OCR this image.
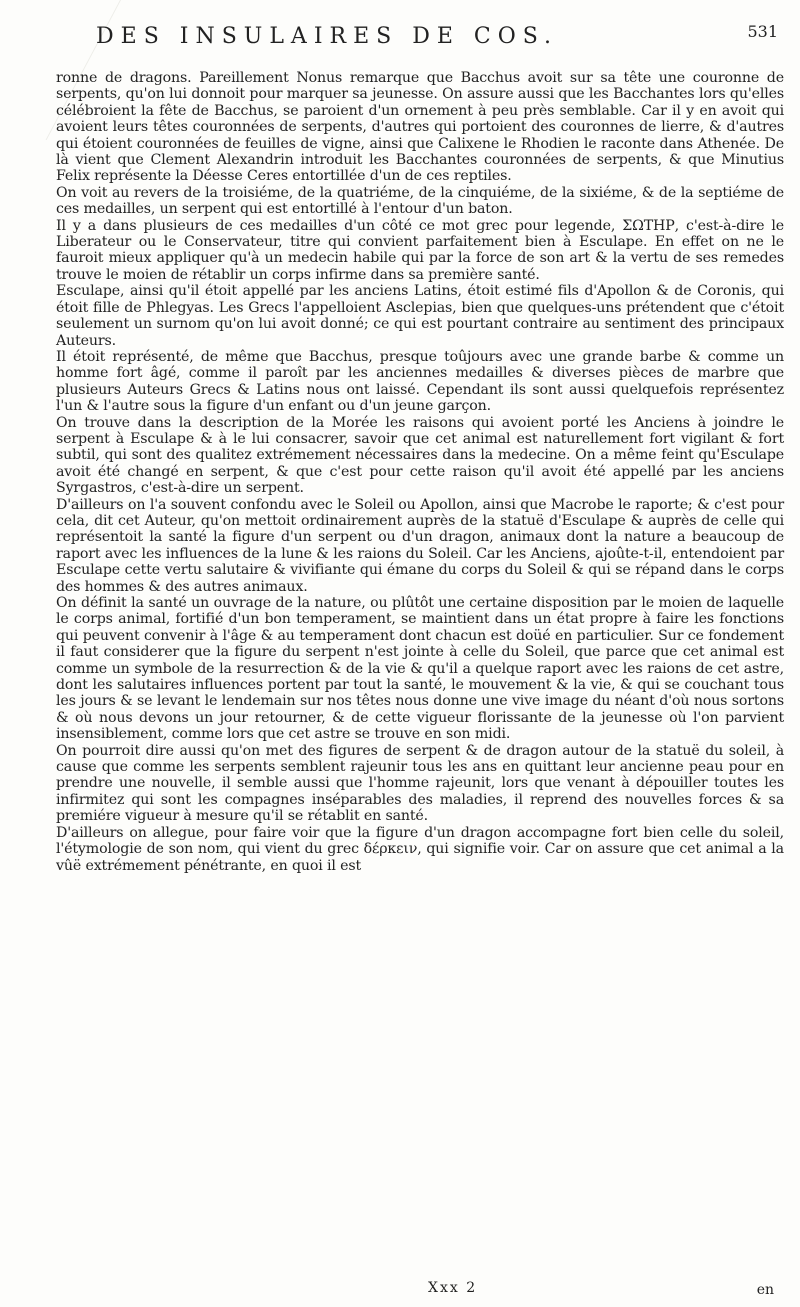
DES INSULAIRES DE COS.	531

ronne de dragons. Pareillement Nonus remarque que Bacchus avoit sur sa tête une couronne de serpents, qu'on lui donnoit pour marquer sa jeunesse. On assure aussi que les Bacchantes lors qu'elles célébroient la fête de Bacchus, se paroient d'un ornement à peu près semblable. Car il y en avoit qui avoient leurs têtes couronnées de serpents, d'autres qui portoient des couronnes de lierre, & d'autres qui étoient couronnées de feuilles de vigne, ainsi que Calixene le Rhodien le raconte dans Athenée. De là vient que Clement Alexandrin introduit les Bacchantes couronnées de serpents, & que Minutius Felix représente la Déesse Ceres entortillée d'un de ces reptiles.

On voit au revers de la troisiéme, de la quatriéme, de la cinquiéme, de la sixiéme, & de la septiéme de ces medailles, un serpent qui est entortillé à l'entour d'un baton.

Il y a dans plusieurs de ces medailles d'un côté ce mot grec pour legende, ΣΩΤΗΡ, c'est-à-dire le Liberateur ou le Conservateur, titre qui convient parfaitement bien à Esculape. En effet on ne le fauroit mieux appliquer qu'à un medecin habile qui par la force de son art & la vertu de ses remedes trouve le moien de rétablir un corps infirme dans sa première santé.

Esculape, ainsi qu'il étoit appellé par les anciens Latins, étoit estimé fils d'Apollon & de Coronis, qui étoit fille de Phlegyas. Les Grecs l'appelloient Asclepias, bien que quelques-uns prétendent que c'étoit seulement un surnom qu'on lui avoit donné; ce qui est pourtant contraire au sentiment des principaux Auteurs.

Il étoit représenté, de même que Bacchus, presque toûjours avec une grande barbe & comme un homme fort âgé, comme il paroît par les anciennes medailles & diverses pièces de marbre que plusieurs Auteurs Grecs & Latins nous ont laissé. Cependant ils sont aussi quelquefois représentez l'un & l'autre sous la figure d'un enfant ou d'un jeune garçon.

On trouve dans la description de la Morée les raisons qui avoient porté les Anciens à joindre le serpent à Esculape & à le lui consacrer, savoir que cet animal est naturellement fort vigilant & fort subtil, qui sont des qualitez extrémement nécessaires dans la medecine. On a même feint qu'Esculape avoit été changé en serpent, & que c'est pour cette raison qu'il avoit été appellé par les anciens Syrgastros, c'est-à-dire un serpent.

D'ailleurs on l'a souvent confondu avec le Soleil ou Apollon, ainsi que Macrobe le raporte; & c'est pour cela, dit cet Auteur, qu'on mettoit ordinairement auprès de la statuë d'Esculape & auprès de celle qui représentoit la santé la figure d'un serpent ou d'un dragon, animaux dont la nature a beaucoup de raport avec les influences de la lune & les raions du Soleil. Car les Anciens, ajoûte-t-il, entendoient par Esculape cette vertu salutaire & vivifiante qui émane du corps du Soleil & qui se répand dans le corps des hommes & des autres animaux.

On définit la santé un ouvrage de la nature, ou plûtôt une certaine disposition par le moien de laquelle le corps animal, fortifié d'un bon temperament, se maintient dans un état propre à faire les fonctions qui peuvent convenir à l'âge & au temperament dont chacun est doüé en particulier. Sur ce fondement il faut considerer que la figure du serpent n'est jointe à celle du Soleil, que parce que cet animal est comme un symbole de la resurrection & de la vie & qu'il a quelque raport avec les raions de cet astre, dont les salutaires influences portent par tout la santé, le mouvement & la vie, & qui se couchant tous les jours & se levant le lendemain sur nos têtes nous donne une vive image du néant d'où nous sortons & où nous devons un jour retourner, & de cette vigueur florissante de la jeunesse où l'on parvient insensiblement, comme lors que cet astre se trouve en son midi.

On pourroit dire aussi qu'on met des figures de serpent & de dragon autour de la statuë du soleil, à cause que comme les serpents semblent rajeunir tous les ans en quittant leur ancienne peau pour en prendre une nouvelle, il semble aussi que l'homme rajeunit, lors que venant à dépouiller toutes les infirmitez qui sont les compagnes inséparables des maladies, il reprend des nouvelles forces & sa premiére vigueur à mesure qu'il se rétablit en santé.

D'ailleurs on allegue, pour faire voir que la figure d'un dragon accompagne fort bien celle du soleil, l'étymologie de son nom, qui vient du grec δέρκειν, qui signifie voir. Car on assure que cet animal a la vûë extrémement pénétrante, en quoi il est

Xxx 2	en
